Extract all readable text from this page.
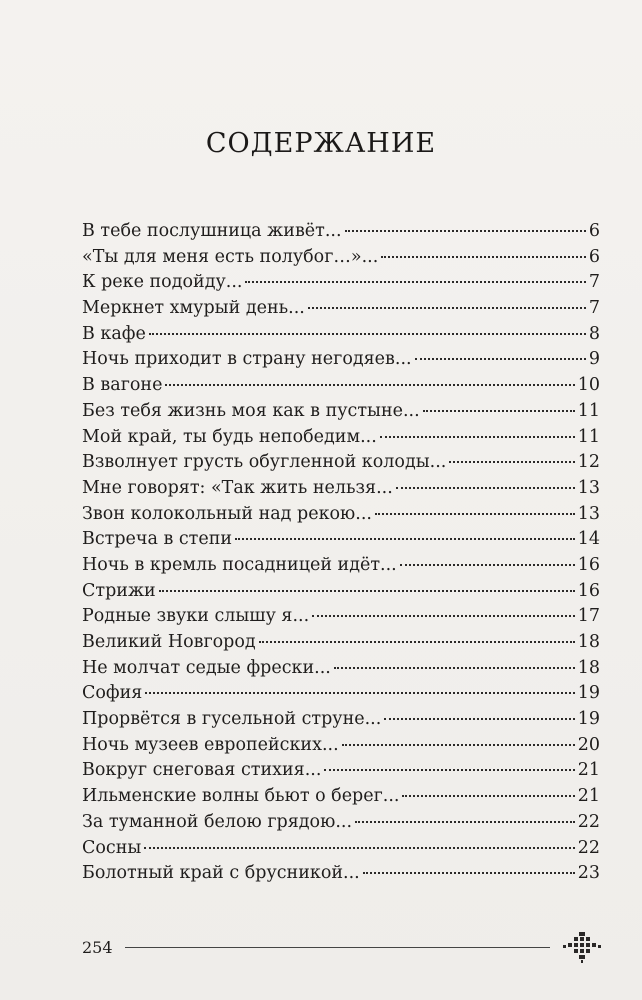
СОДЕРЖАНИЕ
В тебе послушница живёт...	6
«Ты для меня есть полубог…»...	6
К реке подойду...	7
Меркнет хмурый день...	7
В кафе	8
Ночь приходит в страну негодяев...	9
В вагоне	10
Без тебя жизнь моя как в пустыне...	11
Мой край, ты будь непобедим...	11
Взволнует грусть обугленной колоды...	12
Мне говорят: «Так жить нельзя...	13
Звон колокольный над рекою...	13
Встреча в степи	14
Ночь в кремль посадницей идёт...	16
Стрижи	16
Родные звуки слышу я...	17
Великий Новгород	18
Не молчат седые фрески...	18
София	19
Прорвётся в гусельной струне...	19
Ночь музеев европейских...	20
Вокруг снеговая стихия...	21
Ильменские волны бьют о берег...	21
За туманной белою грядою...	22
Сосны	22
Болотный край с брусникой...	23
254
